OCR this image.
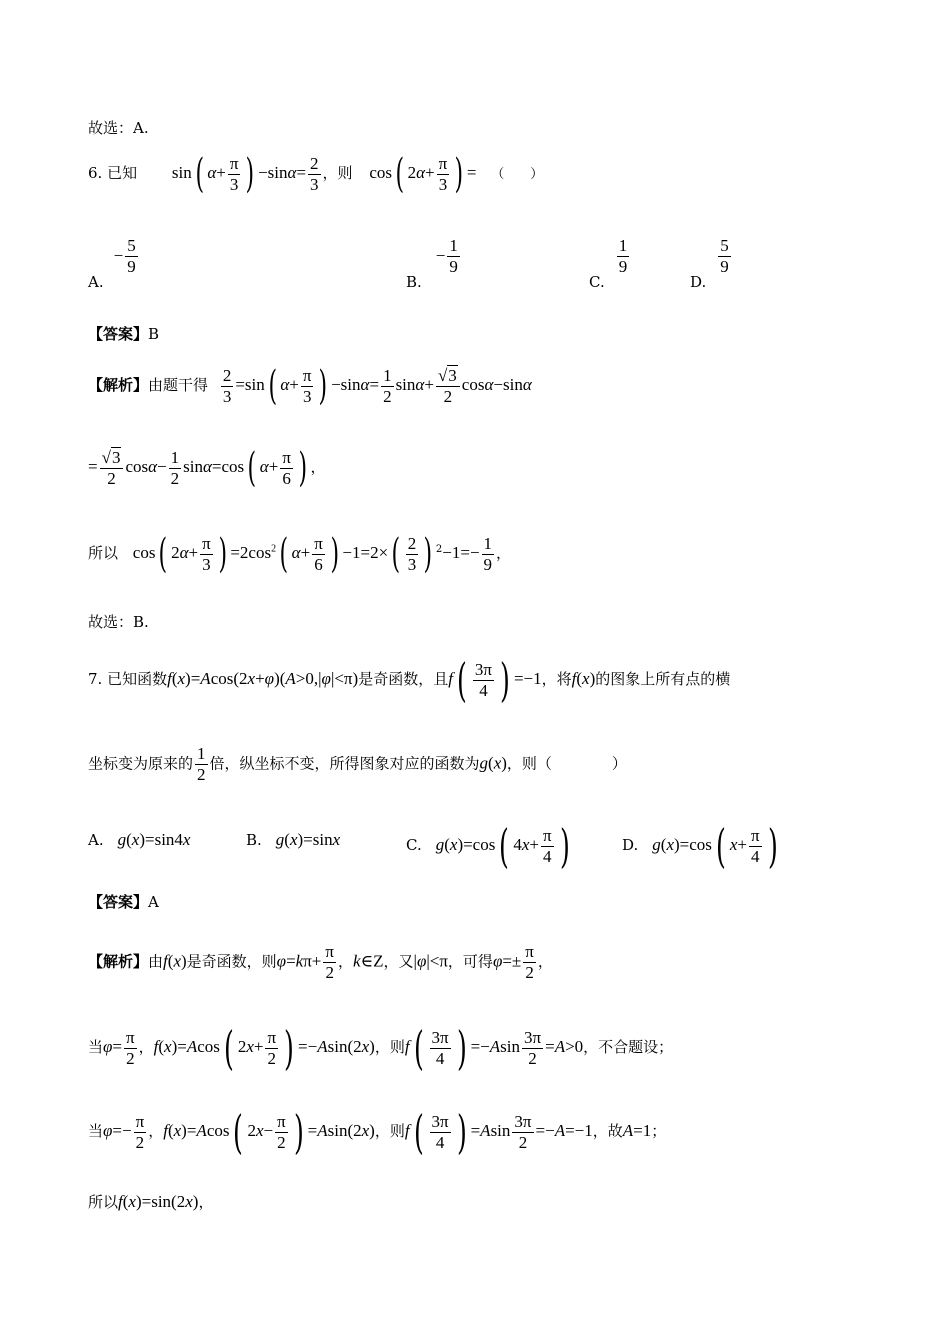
故选：A.
6. 已知 sin( $\alpha+ \frac{\pi}{3}$ ) $-\sin\alpha= \frac{2}{3}$ ，则 cos( $2\alpha+ \frac{\pi}{3}$ ) = （　　）
$A.- \frac{5}{9}$
$B.- \frac{1}{9}$
C.
$\frac{1}{9}$
D.
$\frac{5}{9}$
【答案】B
【解析】由题干得 $\frac{2}{3} =\sin$( $\alpha+ \frac{\pi}{3}$ ) $-\sin\alpha= \frac{1}{2} \sin\alpha+ \frac{√3}{2} \cos\alpha-\sin\alpha$
= $\frac{√3}{2} \cos\alpha- \frac{1}{2} \sin\alpha=\cos$( $\alpha+ \frac{\pi}{6}$ ) ，
所以 cos( $2\alpha+ \frac{\pi}{3}$ ) $=2\cos^2$( $\alpha+ \frac{\pi}{6}$ ) $-1=2\times( \frac{2}{3}$ ) $^2-1=- \frac{1}{9}$ ，
故选：B.
7. 已知函数f(x)=Acos(2x+φ)(A>0,|φ|<π)是奇函数，且$f( \frac{3\pi}{4}$ ) =−1，将f(x)的图象上所有点的横
坐标变为原来的 $\frac{1}{2}$ 倍，纵坐标不变，所得图象对应的函数为g(x)，则（　　　　）
A. g(x)=sin4x	B. g(x)=sinx	C. g(x)=cos( $4x+ \frac{\pi}{4}$ )	D. g(x)=cos( $x+ \frac{\pi}{4}$ )
【答案】A
【解析】由f(x)是奇函数，则$\varphi=k\pi+ \frac{\pi}{2}$ ，k∈Z，又|φ|<π，可得$\varphi=\pm \frac{\pi}{2}$ ，
当$\varphi= \frac{\pi}{2}$ ，f(x)=Acos( $2x+ \frac{\pi}{2}$ ) =−Asin(2x)，则$f( \frac{3\pi}{4}$ ) $=-Asin \frac{3\pi}{2} =A>0$，不合题设；
当$\varphi=- \frac{\pi}{2}$ ，f(x)=Acos( $2x- \frac{\pi}{2}$ ) =Asin(2x)，则$f( \frac{3\pi}{4}$ ) $=Asin \frac{3\pi}{2} =-A=-1$，故A=1；
所以f(x)=sin(2x)，
